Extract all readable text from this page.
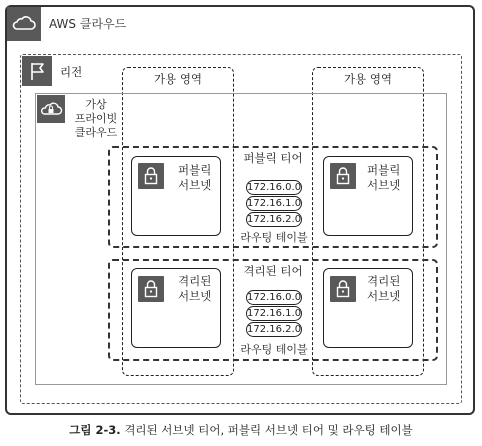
AWS 클라우드
리전	가용 영역	가용 영역
가상
프라이빗
클라우드
퍼블릭 티어
퍼블릭
서브넷
퍼블릭
서브넷
172.16.0.0
172.16.1.0
172.16.2.0
라우팅 테이블
격리된 티어
격리된
서브넷
격리된
서브넷
172.16.0.0
172.16.1.0
172.16.2.0
라우팅 테이블
그림 2-3. 격리된 서브넷 티어, 퍼블릭 서브넷 티어 및 라우팅 테이블
